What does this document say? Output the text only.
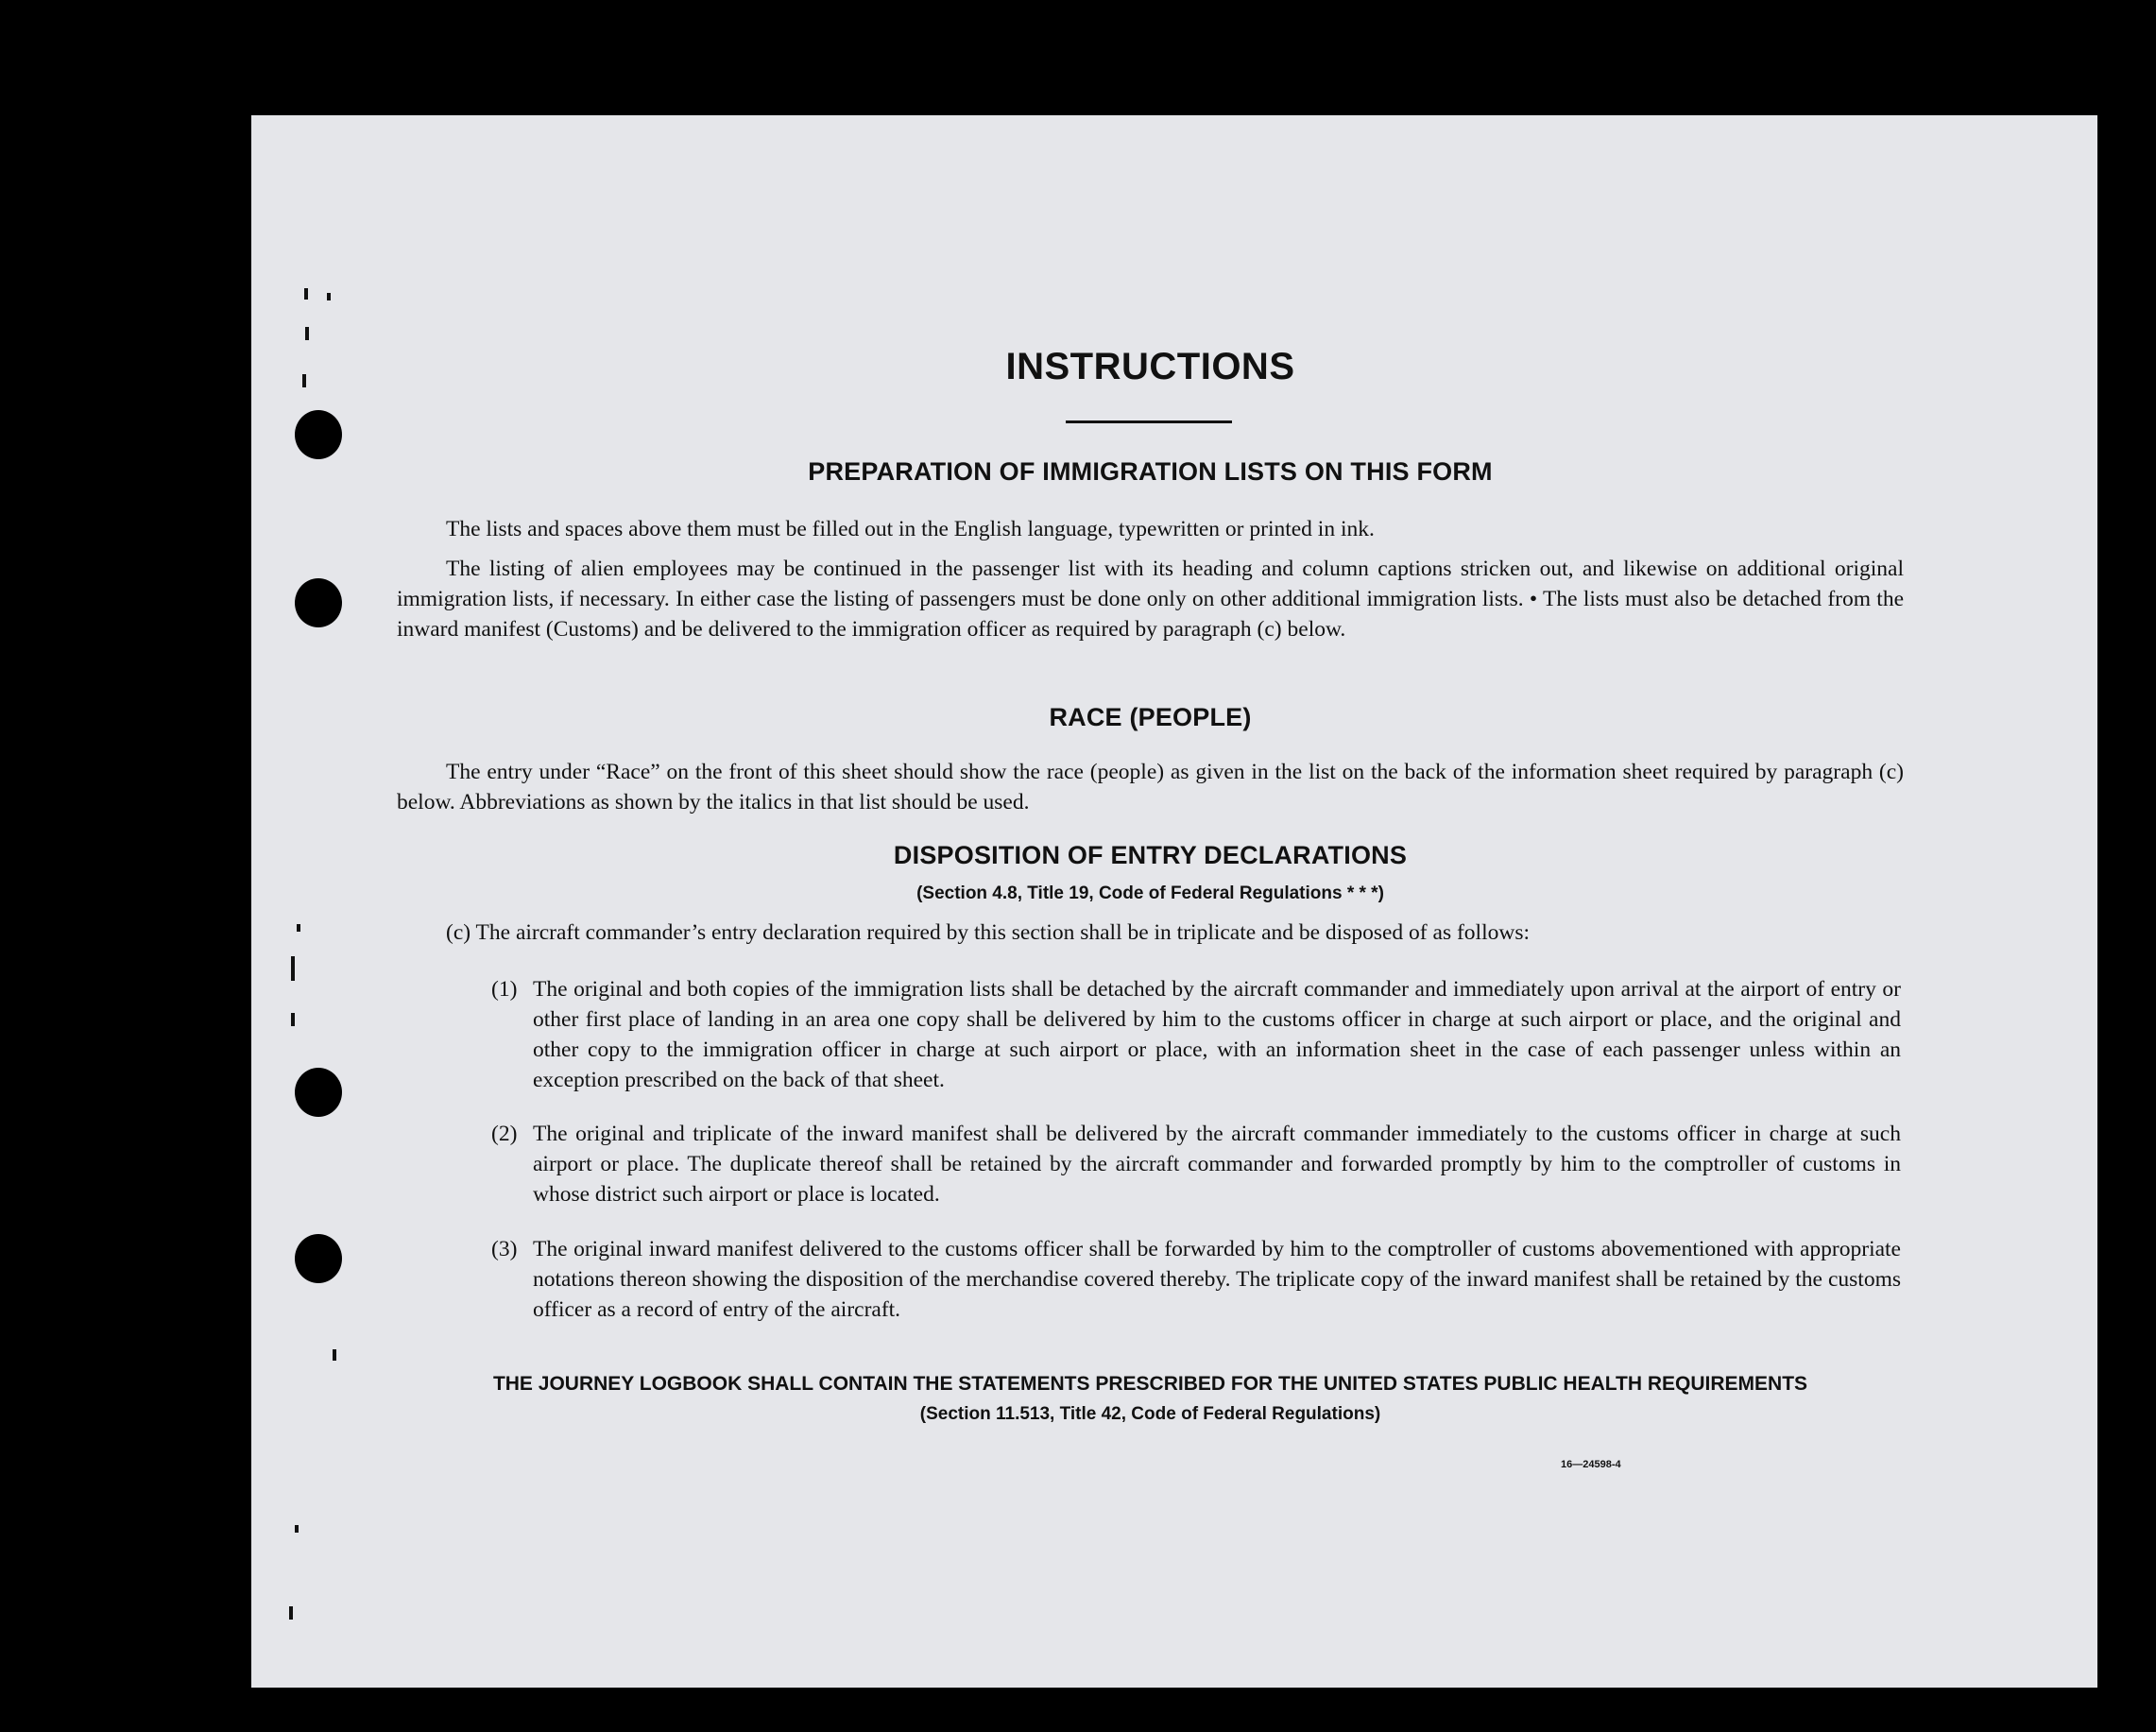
INSTRUCTIONS
PREPARATION OF IMMIGRATION LISTS ON THIS FORM
The lists and spaces above them must be filled out in the English language, typewritten or printed in ink.
The listing of alien employees may be continued in the passenger list with its heading and column captions stricken out, and likewise on additional original immigration lists, if necessary. In either case the listing of passengers must be done only on other additional immigration lists. • The lists must also be detached from the inward manifest (Customs) and be delivered to the immigration officer as required by paragraph (c) below.
RACE (PEOPLE)
The entry under “Race” on the front of this sheet should show the race (people) as given in the list on the back of the information sheet required by paragraph (c) below. Abbreviations as shown by the italics in that list should be used.
DISPOSITION OF ENTRY DECLARATIONS
(Section 4.8, Title 19, Code of Federal Regulations * * *)
(c) The aircraft commander’s entry declaration required by this section shall be in triplicate and be disposed of as follows:
(1) The original and both copies of the immigration lists shall be detached by the aircraft commander and immediately upon arrival at the airport of entry or other first place of landing in an area one copy shall be delivered by him to the customs officer in charge at such airport or place, and the original and other copy to the immigration officer in charge at such airport or place, with an information sheet in the case of each passenger unless within an exception prescribed on the back of that sheet.
(2) The original and triplicate of the inward manifest shall be delivered by the aircraft commander immediately to the customs officer in charge at such airport or place. The duplicate thereof shall be retained by the aircraft commander and forwarded promptly by him to the comptroller of customs in whose district such airport or place is located.
(3) The original inward manifest delivered to the customs officer shall be forwarded by him to the comptroller of customs abovementioned with appropriate notations thereon showing the disposition of the merchandise covered thereby. The triplicate copy of the inward manifest shall be retained by the customs officer as a record of entry of the aircraft.
THE JOURNEY LOGBOOK SHALL CONTAIN THE STATEMENTS PRESCRIBED FOR THE UNITED STATES PUBLIC HEALTH REQUIREMENTS
(Section 11.513, Title 42, Code of Federal Regulations)
16—24598-4
